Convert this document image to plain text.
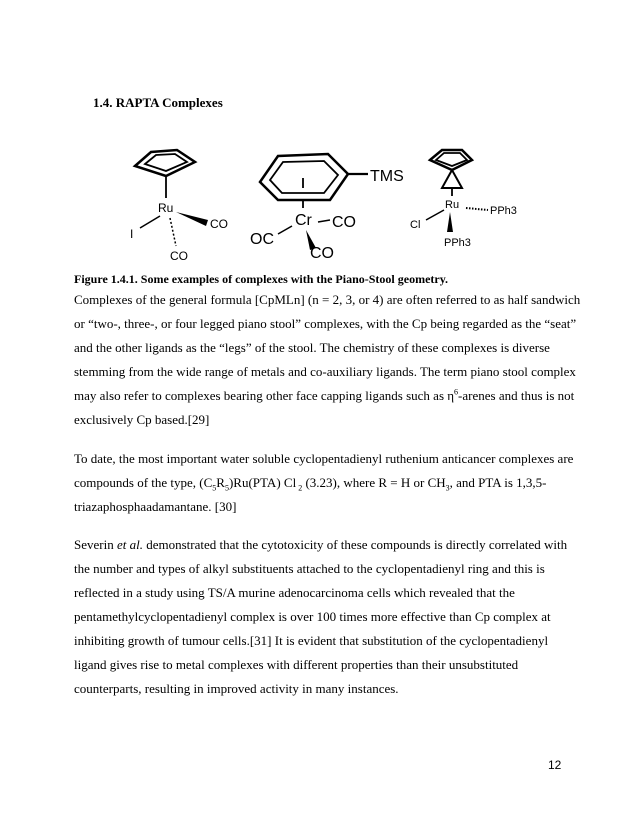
1.4. RAPTA Complexes
Ru
CO
I
CO
TMS
Cr CO
OC
CO
Ru	PPh3
Cl
PPh3

Figure 1.4.1. Some examples of complexes with the Piano-Stool geometry.

Complexes of the general formula [CpMLn] (n = 2, 3, or 4) are often referred to as half sandwich
or “two-, three-, or four legged piano stool” complexes, with the Cp being regarded as the “seat”
and the other ligands as the “legs” of the stool. The chemistry of these complexes is diverse
stemming from the wide range of metals and co-auxiliary ligands. The term piano stool complex
may also refer to complexes bearing other face capping ligands such as $\eta^6$-arenes and thus is not
exclusively Cp based.[29]

To date, the most important water soluble cyclopentadienyl ruthenium anticancer complexes are
compounds of the type, $(C_5R_5)Ru(PTA)$ Cl $_2$ (3.23), where R = H or $CH_3$, and PTA is 1,3,5-
triazaphosphaadamantane. [30]

Severin et al. demonstrated that the cytotoxicity of these compounds is directly correlated with
the number and types of alkyl substituents attached to the cyclopentadienyl ring and this is
reflected in a study using TS/A murine adenocarcinoma cells which revealed that the
pentamethylcyclopentadienyl complex is over 100 times more effective than Cp complex at
inhibiting growth of tumour cells.[31] It is evident that substitution of the cyclopentadienyl
ligand gives rise to metal complexes with different properties than their unsubstituted
counterparts, resulting in improved activity in many instances.

12
